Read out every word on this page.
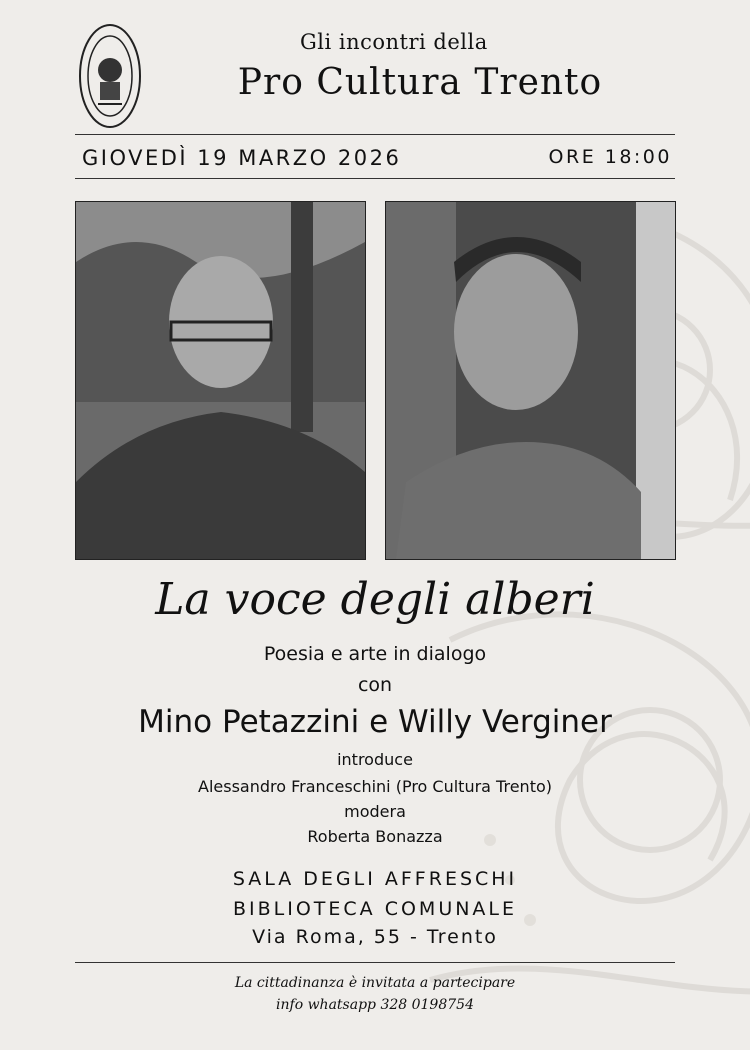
Gli incontri della
Pro Cultura Trento
GIOVEDÌ 19 MARZO 2026	ORE 18:00
La voce degli alberi
Poesia e arte in dialogo
con
Mino Petazzini e Willy Verginer
introduce
Alessandro Franceschini (Pro Cultura Trento)
modera
Roberta Bonazza
SALA DEGLI AFFRESCHI
BIBLIOTECA COMUNALE
Via Roma, 55 - Trento
La cittadinanza è invitata a partecipare
info whatsapp 328 0198754
